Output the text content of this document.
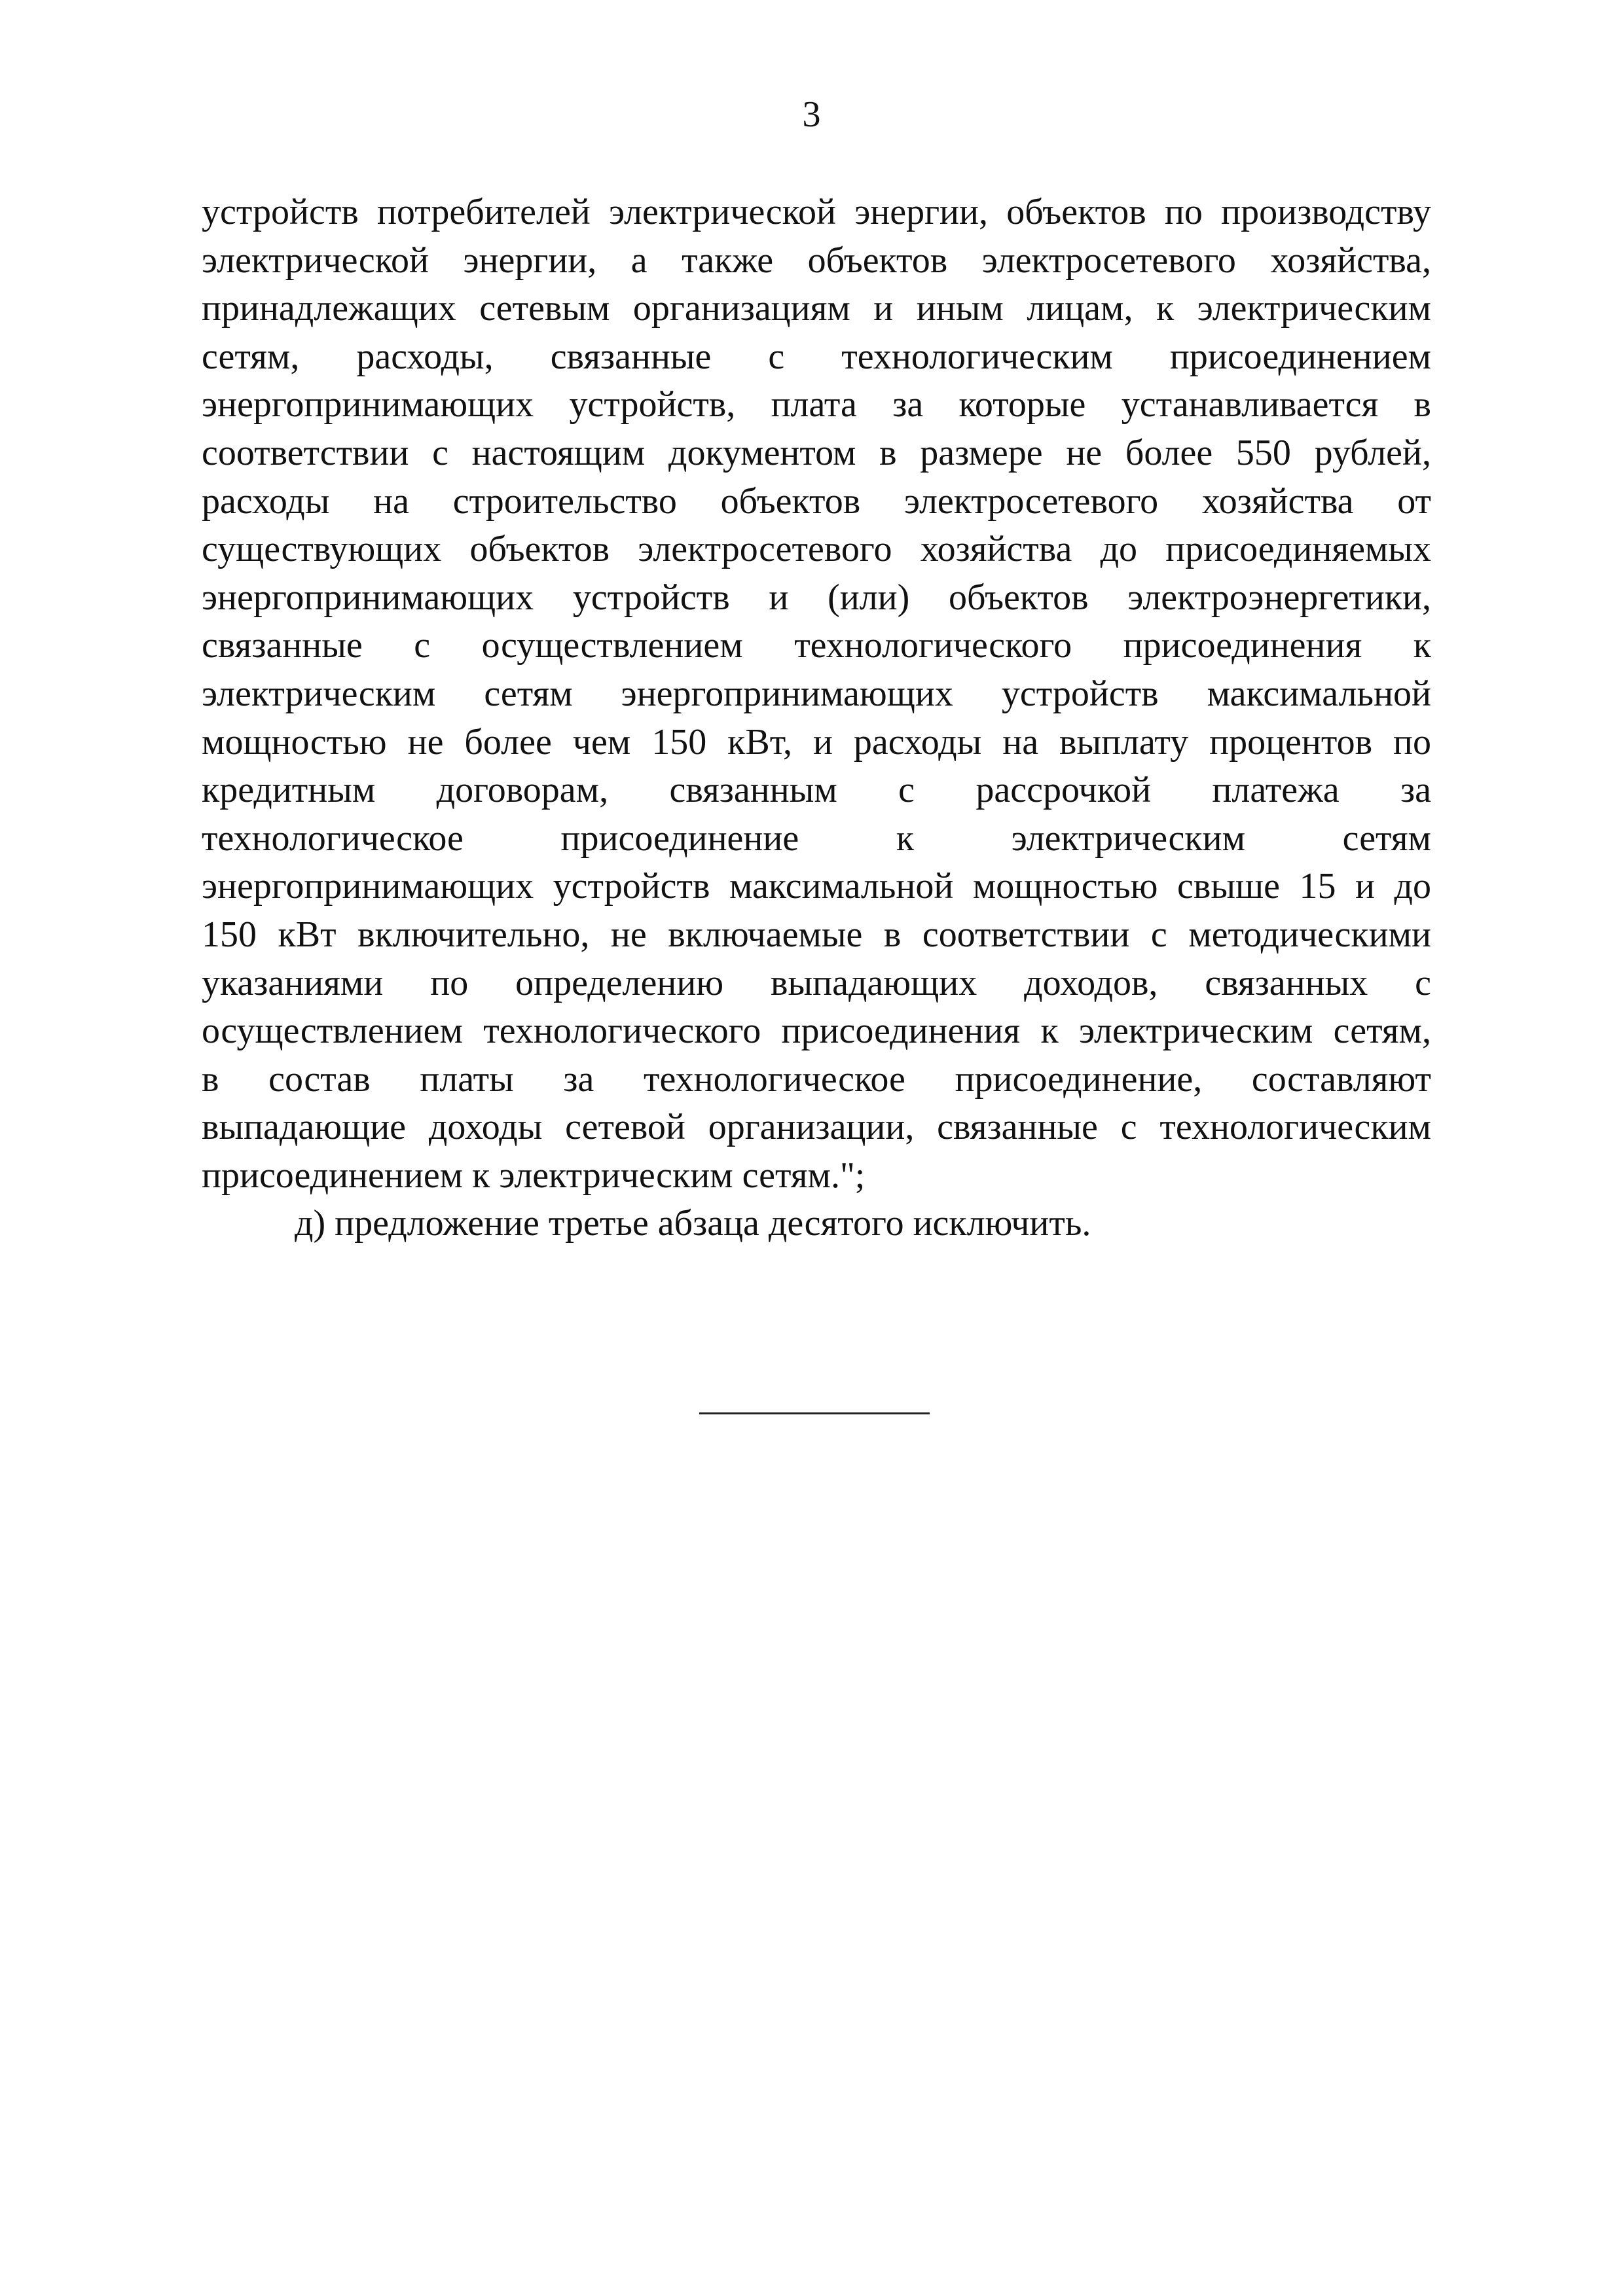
3
устройств потребителей электрической энергии, объектов по производству
электрической энергии, а также объектов электросетевого хозяйства,
принадлежащих сетевым организациям и иным лицам, к электрическим
сетям, расходы, связанные с технологическим присоединением
энергопринимающих устройств, плата за которые устанавливается в
соответствии с настоящим документом в размере не более 550 рублей,
расходы на строительство объектов электросетевого хозяйства от
существующих объектов электросетевого хозяйства до присоединяемых
энергопринимающих устройств и (или) объектов электроэнергетики,
связанные с осуществлением технологического присоединения к
электрическим сетям энергопринимающих устройств максимальной
мощностью не более чем 150 кВт, и расходы на выплату процентов по
кредитным договорам, связанным с рассрочкой платежа за
технологическое присоединение к электрическим сетям
энергопринимающих устройств максимальной мощностью свыше 15 и до
150 кВт включительно, не включаемые в соответствии с методическими
указаниями по определению выпадающих доходов, связанных с
осуществлением технологического присоединения к электрическим сетям,
в состав платы за технологическое присоединение, составляют
выпадающие доходы сетевой организации, связанные с технологическим
присоединением к электрическим сетям.";
д) предложение третье абзаца десятого исключить.
